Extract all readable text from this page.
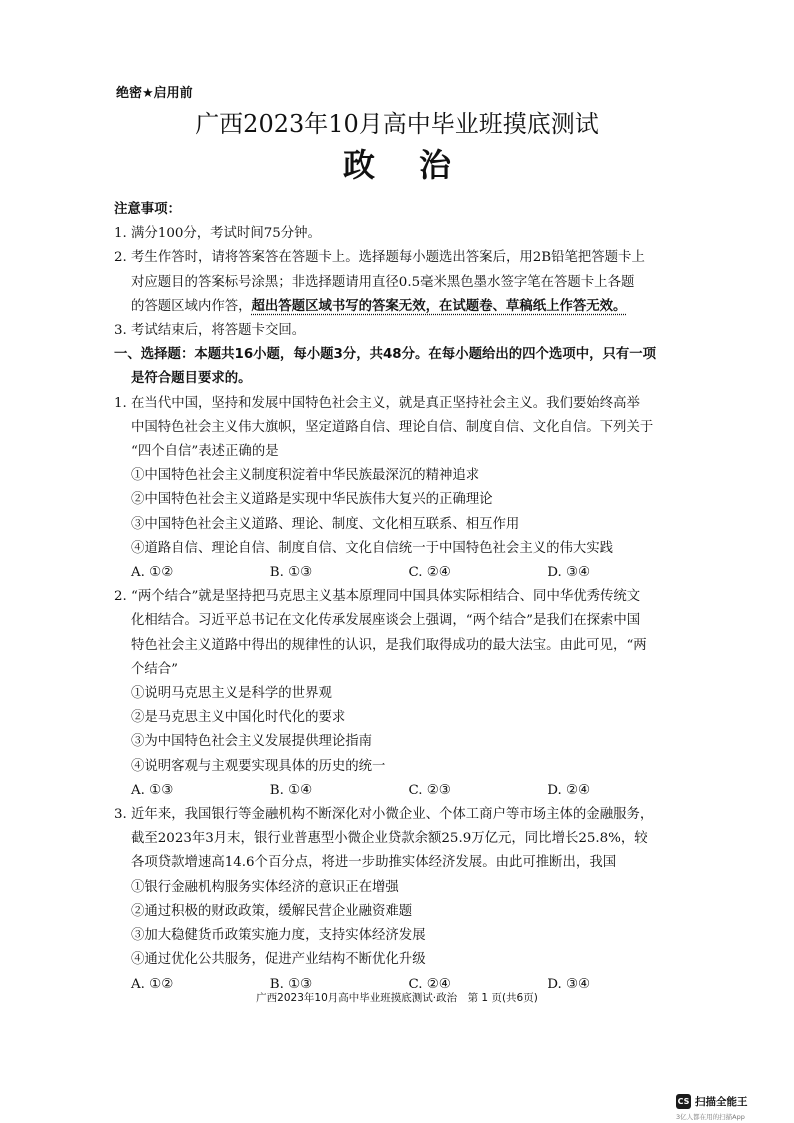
绝密★启用前
广西2023年10月高中毕业班摸底测试
政治
注意事项：
1. 满分100分，考试时间75分钟。
2. 考生作答时，请将答案答在答题卡上。选择题每小题选出答案后，用2B铅笔把答题卡上
对应题目的答案标号涂黑；非选择题请用直径0.5毫米黑色墨水签字笔在答题卡上各题
的答题区域内作答，超出答题区域书写的答案无效，在试题卷、草稿纸上作答无效。
3. 考试结束后，将答题卡交回。
一、选择题：本题共16小题，每小题3分，共48分。在每小题给出的四个选项中，只有一项
是符合题目要求的。
1. 在当代中国，坚持和发展中国特色社会主义，就是真正坚持社会主义。我们要始终高举
中国特色社会主义伟大旗帜，坚定道路自信、理论自信、制度自信、文化自信。下列关于
“四个自信”表述正确的是
①中国特色社会主义制度积淀着中华民族最深沉的精神追求
②中国特色社会主义道路是实现中华民族伟大复兴的正确理论
③中国特色社会主义道路、理论、制度、文化相互联系、相互作用
④道路自信、理论自信、制度自信、文化自信统一于中国特色社会主义的伟大实践
A. ①②	B. ①③	C. ②④	D. ③④
2. “两个结合”就是坚持把马克思主义基本原理同中国具体实际相结合、同中华优秀传统文
化相结合。习近平总书记在文化传承发展座谈会上强调，“两个结合”是我们在探索中国
特色社会主义道路中得出的规律性的认识，是我们取得成功的最大法宝。由此可见，“两
个结合”
①说明马克思主义是科学的世界观
②是马克思主义中国化时代化的要求
③为中国特色社会主义发展提供理论指南
④说明客观与主观要实现具体的历史的统一
A. ①③	B. ①④	C. ②③	D. ②④
3. 近年来，我国银行等金融机构不断深化对小微企业、个体工商户等市场主体的金融服务，
截至2023年3月末，银行业普惠型小微企业贷款余额25.9万亿元，同比增长25.8%，较
各项贷款增速高14.6个百分点，将进一步助推实体经济发展。由此可推断出，我国
①银行金融机构服务实体经济的意识正在增强
②通过积极的财政政策，缓解民营企业融资难题
③加大稳健货币政策实施力度，支持实体经济发展
④通过优化公共服务，促进产业结构不断优化升级
A. ①②	B. ①③	C. ②④	D. ③④
广西2023年10月高中毕业班摸底测试·政治　第 1 页(共6页)
CS 扫描全能王
3亿人都在用的扫描App
